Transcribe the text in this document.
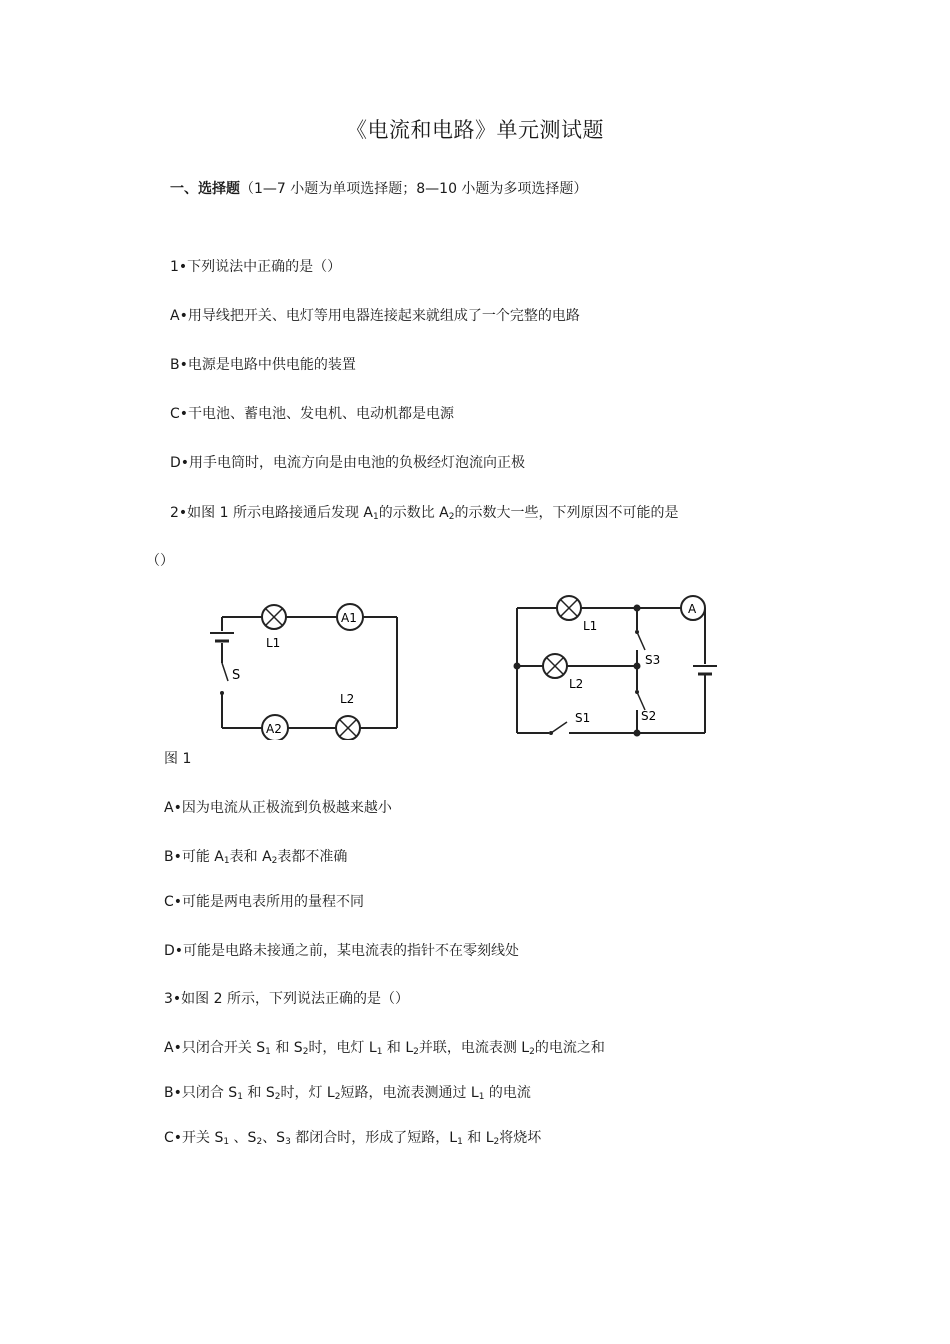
《电流和电路》单元测试题
一、选择题（1—7 小题为单项选择题；8—10 小题为多项选择题）
1•下列说法中正确的是（）
A•用导线把开关、电灯等用电器连接起来就组成了一个完整的电路
B•电源是电路中供电能的装置
C•干电池、蓄电池、发电机、电动机都是电源
D•用手电筒时，电流方向是由电池的负极经灯泡流向正极
2•如图 1 所示电路接通后发现 $A_1$的示数比 $A_2$的示数大一些，下列原因不可能的是
（）
S
L1
A1
A2
L2
L1
A
L2
S3
S2
S1
图 1
A•因为电流从正极流到负极越来越小
B•可能 $A_1$表和 $A_2$表都不准确
C•可能是两电表所用的量程不同
D•可能是电路未接通之前，某电流表的指针不在零刻线处
3•如图 2 所示，下列说法正确的是（）
A•只闭合开关 $S_1$ 和 $S_2$时，电灯 $L_1$ 和 $L_2$并联，电流表测 $L_2$的电流之和
B•只闭合 $S_1$ 和 $S_2$时，灯 $L_2$短路，电流表测通过 $L_1$ 的电流
C•开关 $S_1$ 、$S_2$、$S_3$ 都闭合时，形成了短路，$L_1$ 和 $L_2$将烧坏
